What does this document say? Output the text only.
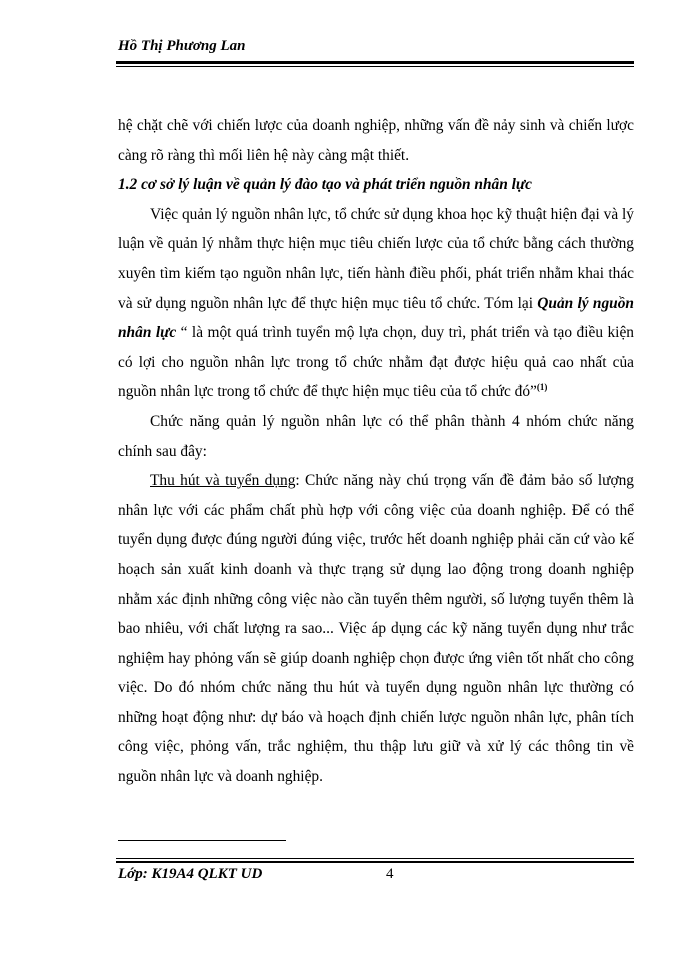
Hồ Thị Phương Lan

hệ chặt chẽ với chiến lược của doanh nghiệp, những vấn đề nảy sinh và chiến lược càng rõ ràng thì mối liên hệ này càng mật thiết.

1.2 cơ sở lý luận về quản lý đào tạo và phát triển nguồn nhân lực

Việc quản lý nguồn nhân lực, tổ chức sử dụng khoa học kỹ thuật hiện đại và lý luận về quản lý nhằm thực hiện mục tiêu chiến lược của tổ chức bằng cách thường xuyên tìm kiếm tạo nguồn nhân lực, tiến hành điều phối, phát triển nhằm khai thác và sử dụng nguồn nhân lực để thực hiện mục tiêu tổ chức. Tóm lại Quản lý nguồn nhân lực “ là một quá trình tuyển mộ lựa chọn, duy trì, phát triển và tạo điều kiện có lợi cho nguồn nhân lực trong tổ chức nhằm đạt được hiệu quả cao nhất của nguồn nhân lực trong tổ chức để thực hiện mục tiêu của tổ chức đó”$^{(1)}$

Chức năng quản lý nguồn nhân lực có thể phân thành 4 nhóm chức năng chính sau đây:

Thu hút và tuyển dụng: Chức năng này chú trọng vấn đề đảm bảo số lượng nhân lực với các phẩm chất phù hợp với công việc của doanh nghiệp. Để có thể tuyển dụng được đúng người đúng việc, trước hết doanh nghiệp phải căn cứ vào kế hoạch sản xuất kinh doanh và thực trạng sử dụng lao động trong doanh nghiệp nhằm xác định những công việc nào cần tuyển thêm người, số lượng tuyển thêm là bao nhiêu, với chất lượng ra sao... Việc áp dụng các kỹ năng tuyển dụng như trắc nghiệm hay phỏng vấn sẽ giúp doanh nghiệp chọn được ứng viên tốt nhất cho công việc. Do đó nhóm chức năng thu hút và tuyển dụng nguồn nhân lực thường có những hoạt động như: dự báo và hoạch định chiến lược nguồn nhân lực, phân tích công việc, phỏng vấn, trắc nghiệm, thu thập lưu giữ và xử lý các thông tin về nguồn nhân lực và doanh nghiệp.

Lớp: K19A4 QLKT UD	4
